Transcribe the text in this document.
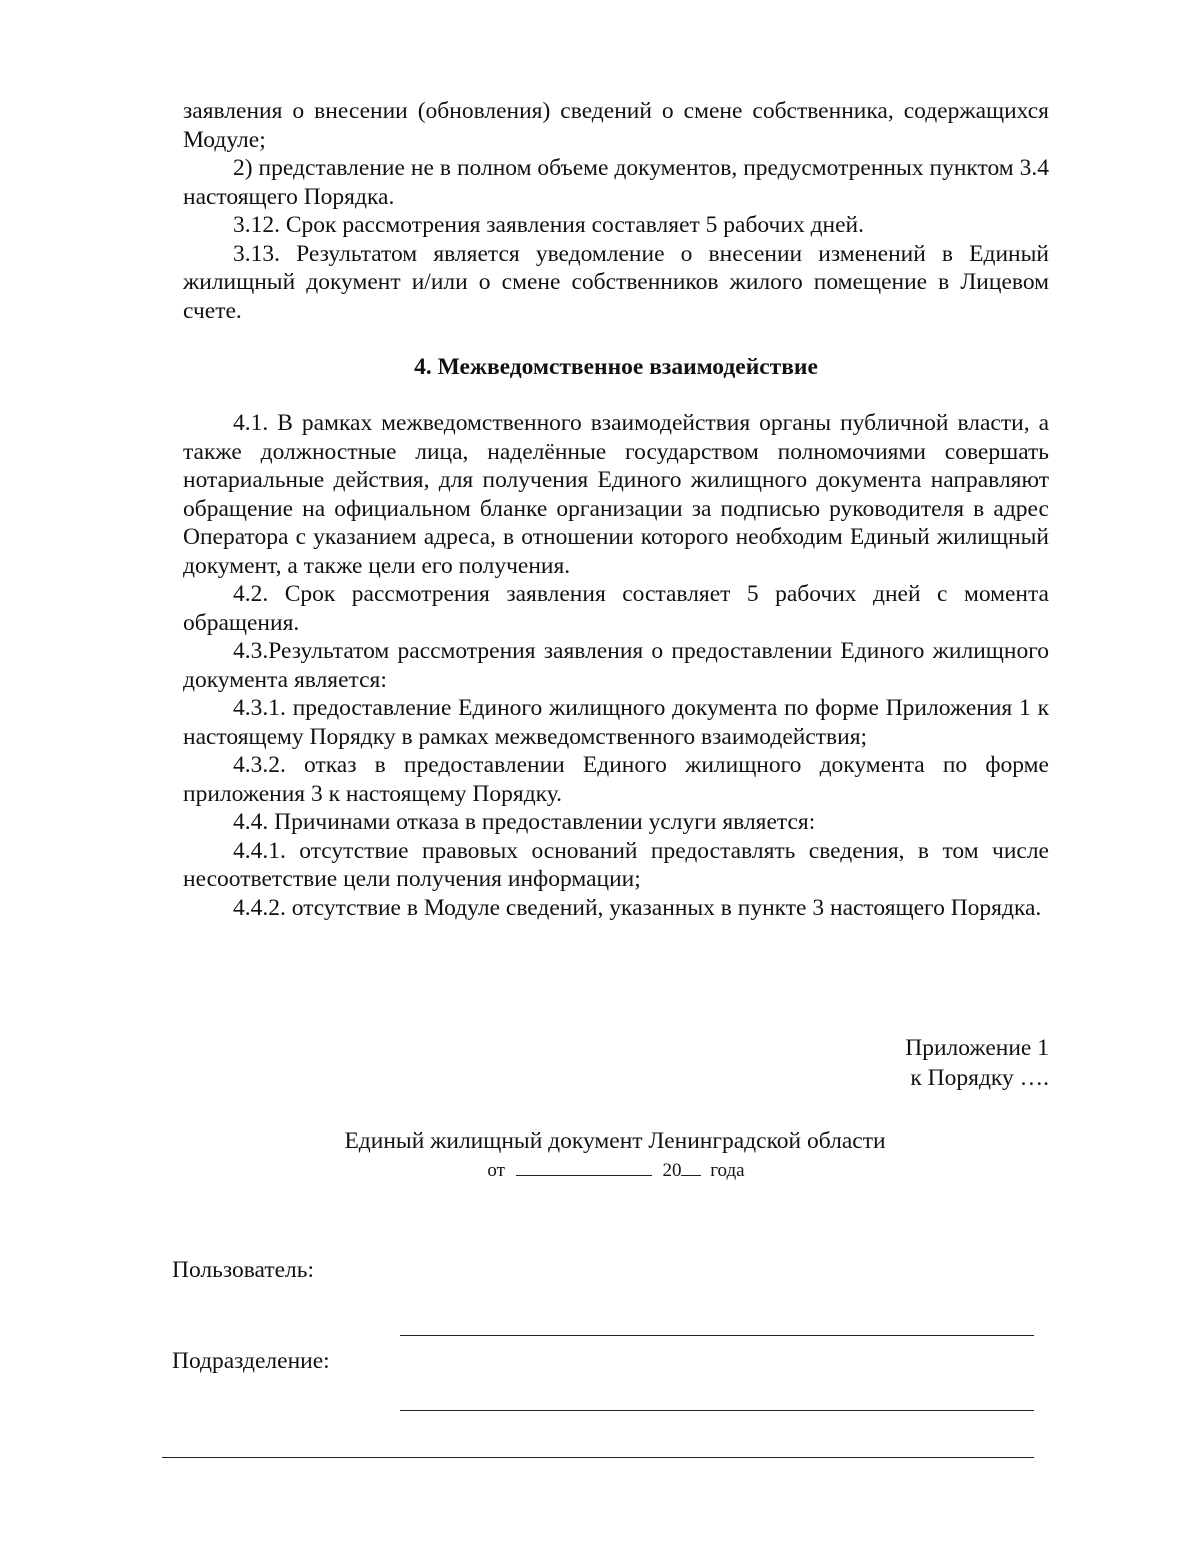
заявления о внесении (обновления) сведений о смене собственника, содержащихся Модуле;

2) представление не в полном объеме документов, предусмотренных пунктом 3.4 настоящего Порядка.

3.12. Срок рассмотрения заявления составляет 5 рабочих дней.

3.13. Результатом является уведомление о внесении изменений в Единый жилищный документ и/или о смене собственников жилого помещение в Лицевом счете.

4. Межведомственное взаимодействие

4.1. В рамках межведомственного взаимодействия органы публичной власти, а также должностные лица, наделённые государством полномочиями совершать нотариальные действия, для получения Единого жилищного документа направляют обращение на официальном бланке организации за подписью руководителя в адрес Оператора с указанием адреса, в отношении которого необходим Единый жилищный документ, а также цели его получения.

4.2. Срок рассмотрения заявления составляет 5 рабочих дней с момента обращения.

4.3.Результатом рассмотрения заявления о предоставлении Единого жилищного документа является:

4.3.1. предоставление Единого жилищного документа по форме Приложения 1 к настоящему Порядку в рамках межведомственного взаимодействия;

4.3.2. отказ в предоставлении Единого жилищного документа по форме приложения 3 к настоящему Порядку.

4.4. Причинами отказа в предоставлении услуги является:

4.4.1. отсутствие правовых оснований предоставлять сведения, в том числе несоответствие цели получения информации;

4.4.2. отсутствие в Модуле сведений, указанных в пункте 3 настоящего Порядка.

Приложение 1
к Порядку ….

Единый жилищный документ Ленинградской области

от	20 года
Пользователь:
Подразделение:
